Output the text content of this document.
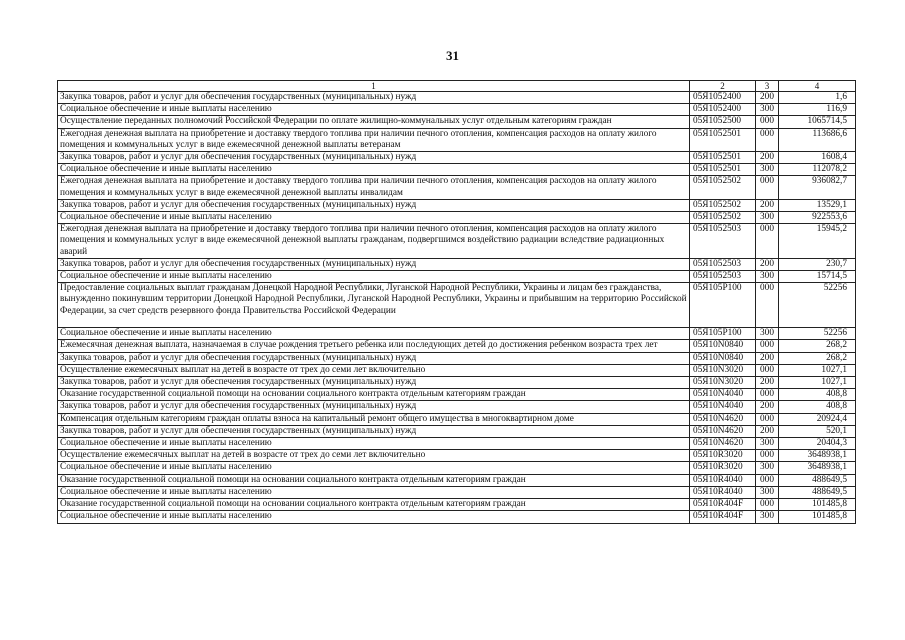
31
1	2	3	4
Закупка товаров, работ и услуг для обеспечения государственных (муниципальных) нужд	05Я1052400	200	1,6
Социальное обеспечение и иные выплаты населению	05Я1052400	300	116,9
Осуществление переданных полномочий Российской Федерации по оплате жилищно-коммунальных услуг отдельным категориям граждан	05Я1052500	000	1065714,5
Ежегодная денежная выплата на приобретение и доставку твердого топлива при наличии печного отопления, компенсация расходов на оплату жилого помещения и коммунальных услуг в виде ежемесячной денежной выплаты ветеранам	05Я1052501	000	113686,6
Закупка товаров, работ и услуг для обеспечения государственных (муниципальных) нужд	05Я1052501	200	1608,4
Социальное обеспечение и иные выплаты населению	05Я1052501	300	112078,2
Ежегодная денежная выплата на приобретение и доставку твердого топлива при наличии печного отопления, компенсация расходов на оплату жилого помещения и коммунальных услуг в виде ежемесячной денежной выплаты инвалидам	05Я1052502	000	936082,7
Закупка товаров, работ и услуг для обеспечения государственных (муниципальных) нужд	05Я1052502	200	13529,1
Социальное обеспечение и иные выплаты населению	05Я1052502	300	922553,6
Ежегодная денежная выплата на приобретение и доставку твердого топлива при наличии печного отопления, компенсация расходов на оплату жилого помещения и коммунальных услуг в виде ежемесячной денежной выплаты гражданам, подвергшимся воздействию радиации вследствие радиационных аварий	05Я1052503	000	15945,2
Закупка товаров, работ и услуг для обеспечения государственных (муниципальных) нужд	05Я1052503	200	230,7
Социальное обеспечение и иные выплаты населению	05Я1052503	300	15714,5
Предоставление социальных выплат гражданам Донецкой Народной Республики, Луганской Народной Республики, Украины и лицам без гражданства, вынужденно покинувшим территории Донецкой Народной Республики, Луганской Народной Республики, Украины и прибывшим на территорию Российской Федерации, за счет средств резервного фонда Правительства Российской Федерации	05Я105Р100	000	52256
Социальное обеспечение и иные выплаты населению	05Я105Р100	300	52256
Ежемесячная денежная выплата, назначаемая в случае рождения третьего ребенка или последующих детей до достижения ребенком возраста трех лет	05Я10N0840	000	268,2
Закупка товаров, работ и услуг для обеспечения государственных (муниципальных) нужд	05Я10N0840	200	268,2
Осуществление ежемесячных выплат на детей в возрасте от трех до семи лет включительно	05Я10N3020	000	1027,1
Закупка товаров, работ и услуг для обеспечения государственных (муниципальных) нужд	05Я10N3020	200	1027,1
Оказание государственной социальной помощи на основании социального контракта отдельным категориям граждан	05Я10N4040	000	408,8
Закупка товаров, работ и услуг для обеспечения государственных (муниципальных) нужд	05Я10N4040	200	408,8
Компенсация отдельным категориям граждан оплаты взноса на капитальный ремонт общего имущества в многоквартирном доме	05Я10N4620	000	20924,4
Закупка товаров, работ и услуг для обеспечения государственных (муниципальных) нужд	05Я10N4620	200	520,1
Социальное обеспечение и иные выплаты населению	05Я10N4620	300	20404,3
Осуществление ежемесячных выплат на детей в возрасте от трех до семи лет включительно	05Я10R3020	000	3648938,1
Социальное обеспечение и иные выплаты населению	05Я10R3020	300	3648938,1
Оказание государственной социальной помощи на основании социального контракта отдельным категориям граждан	05Я10R4040	000	488649,5
Социальное обеспечение и иные выплаты населению	05Я10R4040	300	488649,5
Оказание государственной социальной помощи на основании социального контракта отдельным категориям граждан	05Я10R404F	000	101485,8
Социальное обеспечение и иные выплаты населению	05Я10R404F	300	101485,8
